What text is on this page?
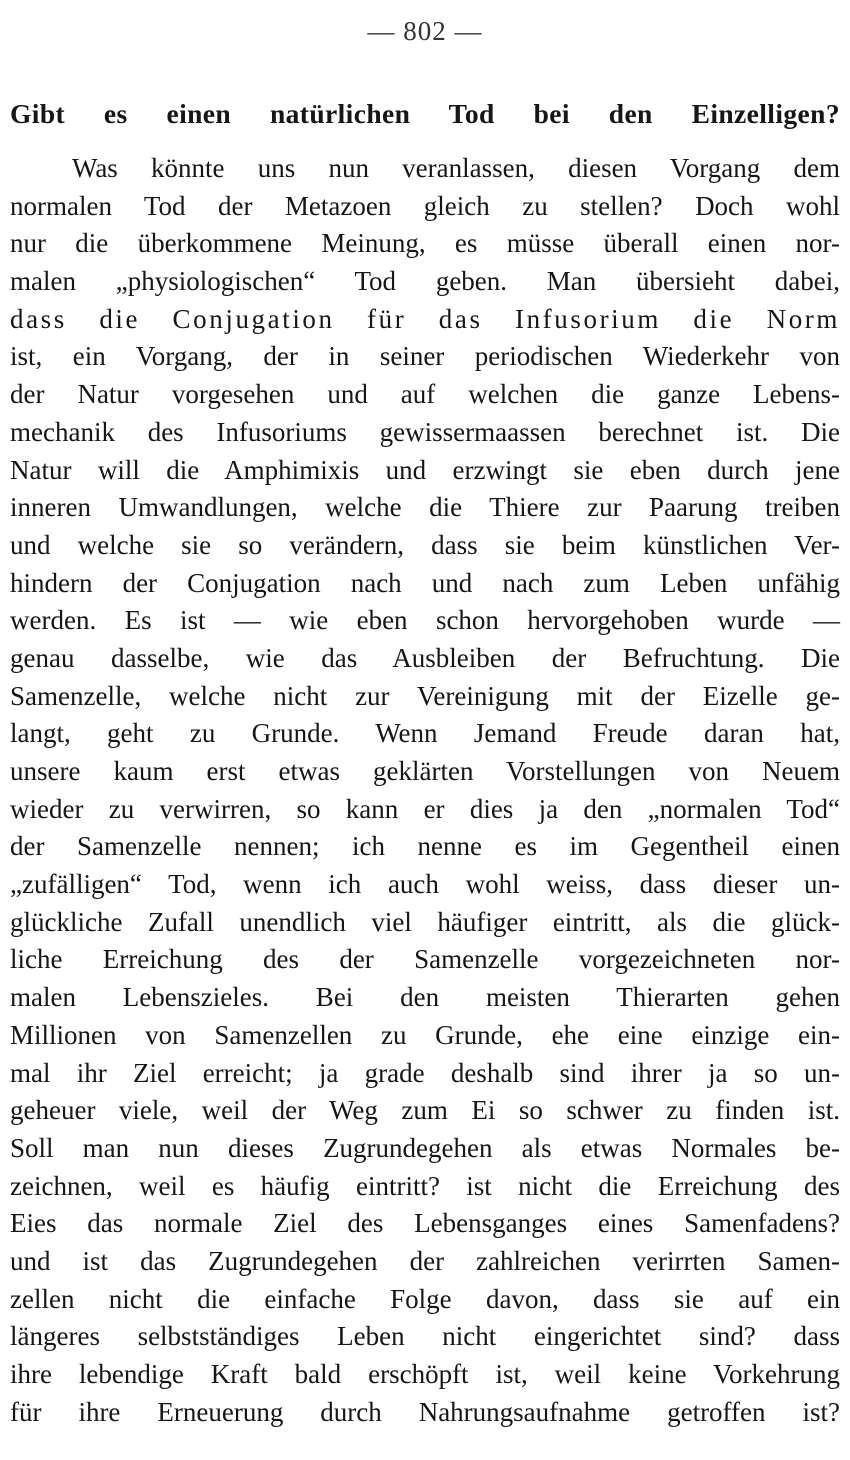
— 802 —
Gibt es einen natürlichen Tod bei den Einzelligen?
Was könnte uns nun veranlassen, diesen Vorgang dem
normalen Tod der Metazoen gleich zu stellen? Doch wohl
nur die überkommene Meinung, es müsse überall einen nor-
malen „physiologischen“ Tod geben. Man übersieht dabei,
dass die Conjugation für das Infusorium die Norm
ist, ein Vorgang, der in seiner periodischen Wiederkehr von
der Natur vorgesehen und auf welchen die ganze Lebens-
mechanik des Infusoriums gewissermaassen berechnet ist. Die
Natur will die Amphimixis und erzwingt sie eben durch jene
inneren Umwandlungen, welche die Thiere zur Paarung treiben
und welche sie so verändern, dass sie beim künstlichen Ver-
hindern der Conjugation nach und nach zum Leben unfähig
werden. Es ist — wie eben schon hervorgehoben wurde —
genau dasselbe, wie das Ausbleiben der Befruchtung. Die
Samenzelle, welche nicht zur Vereinigung mit der Eizelle ge-
langt, geht zu Grunde. Wenn Jemand Freude daran hat,
unsere kaum erst etwas geklärten Vorstellungen von Neuem
wieder zu verwirren, so kann er dies ja den „normalen Tod“
der Samenzelle nennen; ich nenne es im Gegentheil einen
„zufälligen“ Tod, wenn ich auch wohl weiss, dass dieser un-
glückliche Zufall unendlich viel häufiger eintritt, als die glück-
liche Erreichung des der Samenzelle vorgezeichneten nor-
malen Lebenszieles. Bei den meisten Thierarten gehen
Millionen von Samenzellen zu Grunde, ehe eine einzige ein-
mal ihr Ziel erreicht; ja grade deshalb sind ihrer ja so un-
geheuer viele, weil der Weg zum Ei so schwer zu finden ist.
Soll man nun dieses Zugrundegehen als etwas Normales be-
zeichnen, weil es häufig eintritt? ist nicht die Erreichung des
Eies das normale Ziel des Lebensganges eines Samenfadens?
und ist das Zugrundegehen der zahlreichen verirrten Samen-
zellen nicht die einfache Folge davon, dass sie auf ein
längeres selbstständiges Leben nicht eingerichtet sind? dass
ihre lebendige Kraft bald erschöpft ist, weil keine Vorkehrung
für ihre Erneuerung durch Nahrungsaufnahme getroffen ist?
